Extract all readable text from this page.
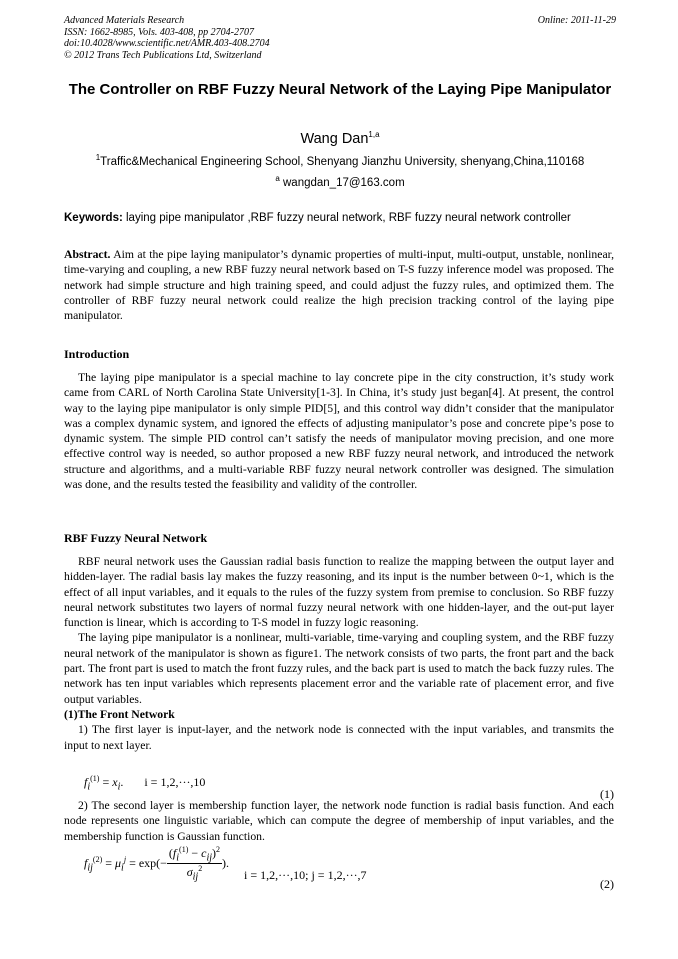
Advanced Materials Research
ISSN: 1662-8985, Vols. 403-408, pp 2704-2707
doi:10.4028/www.scientific.net/AMR.403-408.2704
© 2012 Trans Tech Publications Ltd, Switzerland
Online: 2011-11-29
The Controller on RBF Fuzzy Neural Network of the Laying Pipe Manipulator
Wang Dan$^{1,a}$
$^1$Traffic&Mechanical Engineering School, Shenyang Jianzhu University, shenyang,China,110168
$^a$ wangdan_17@163.com
Keywords: laying pipe manipulator ,RBF fuzzy neural network, RBF fuzzy neural network controller

Abstract. Aim at the pipe laying manipulator’s dynamic properties of multi-input, multi-output, unstable, nonlinear, time-varying and coupling, a new RBF fuzzy neural network based on T-S fuzzy inference model was proposed. The network had simple structure and high training speed, and could adjust the fuzzy rules, and optimized them. The controller of RBF fuzzy neural network could realize the high precision tracking control of the laying pipe manipulator.

Introduction

The laying pipe manipulator is a special machine to lay concrete pipe in the city construction, it’s study work came from CARL of North Carolina State University[1-3]. In China, it’s study just began[4]. At present, the control way to the laying pipe manipulator is only simple PID[5], and this control way didn’t consider that the manipulator was a complex dynamic system, and ignored the effects of adjusting manipulator’s pose and concrete pipe’s pose to dynamic system. The simple PID control can’t satisfy the needs of manipulator moving precision, and one more effective control way is needed, so author proposed a new RBF fuzzy neural network, and introduced the network structure and algorithms, and a multi-variable RBF fuzzy neural network controller was designed. The simulation was done, and the results tested the feasibility and validity of the controller.

RBF Fuzzy Neural Network

RBF neural network uses the Gaussian radial basis function to realize the mapping between the output layer and hidden-layer. The radial basis lay makes the fuzzy reasoning, and its input is the number between 0~1, which is the effect of all input variables, and it equals to the rules of the fuzzy system from premise to conclusion. So RBF fuzzy neural network substitutes two layers of normal fuzzy neural network with one hidden-layer, and the out-put layer function is linear, which is according to T-S model in fuzzy logic reasoning.

The laying pipe manipulator is a nonlinear, multi-variable, time-varying and coupling system, and the RBF fuzzy neural network of the manipulator is shown as figure1. The network consists of two parts, the front part and the back part. The front part is used to match the front fuzzy rules, and the back part is used to match the back fuzzy rules. The network has ten input variables which represents placement error and the variable rate of placement error, and five output variables.

(1)The Front Network

1) The first layer is input-layer, and the network node is connected with the input variables, and transmits the input to next layer.

$f_i^{(1)} = x_i$.       i = 1,2,···,10
(1)

2) The second layer is membership function layer, the network node function is radial basis function. And each node represents one linguistic variable, which can compute the degree of membership of input variables, and the membership function is Gaussian function.

$f_{ij}^{(2)} = \mu_i^j = \exp(- \frac{(f_i^{(1)} - c_{ij})^2}{\sigma_{ij}^2}$ ).     i = 1,2,···,10; j = 1,2,···,7
(2)
